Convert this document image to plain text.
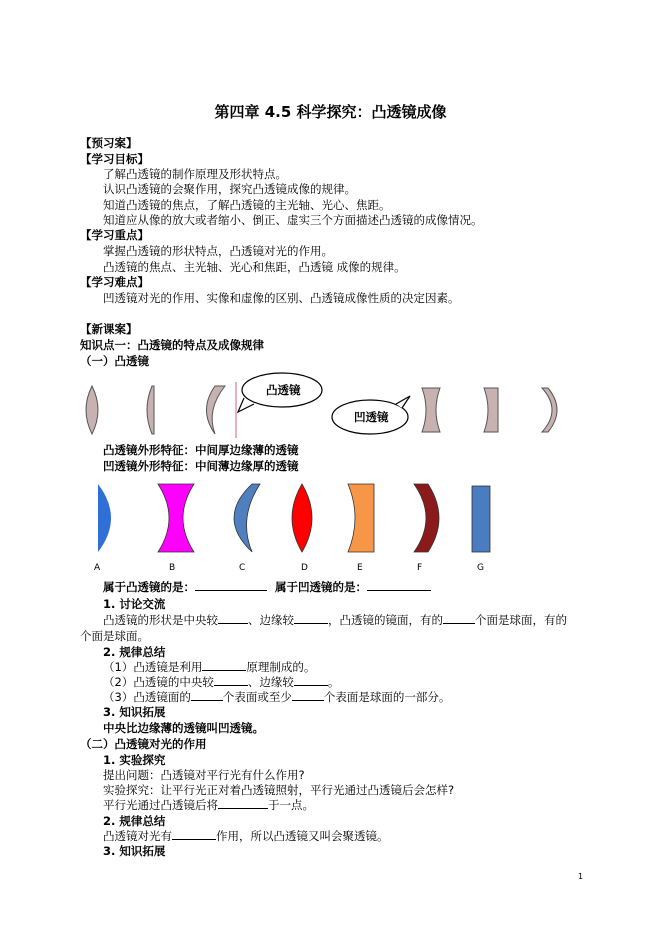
第四章 4.5 科学探究：凸透镜成像
【预习案】
【学习目标】
了解凸透镜的制作原理及形状特点。
认识凸透镜的会聚作用，探究凸透镜成像的规律。
知道凸透镜的焦点，了解凸透镜的主光轴、光心、焦距。
知道应从像的放大或者缩小、倒正、虚实三个方面描述凸透镜的成像情况。
【学习重点】
掌握凸透镜的形状特点，凸透镜对光的作用。
凸透镜的焦点、主光轴、光心和焦距，凸透镜 成像的规律。
【学习难点】
凹透镜对光的作用、实像和虚像的区别、凸透镜成像性质的决定因素。
【新课案】
知识点一：凸透镜的特点及成像规律
（一）凸透镜
凸透镜
凹透镜
凸透镜外形特征：中间厚边缘薄的透镜
凹透镜外形特征：中间薄边缘厚的透镜
A	B	C	D	E	F	G
属于凸透镜的是：	属于凹透镜的是：
1. 讨论交流
凸透镜的形状是中央较	、边缘较	，凸透镜的镜面，有的	个面是球面，有的
个面是球面。
2. 规律总结
（1）凸透镜是利用	原理制成的。
（2）凸透镜的中央较	、边缘较	。
（3）凸透镜面的	个表面或至少	个表面是球面的一部分。
3. 知识拓展
中央比边缘薄的透镜叫凹透镜。
（二）凸透镜对光的作用
1. 实验探究
提出问题：凸透镜对平行光有什么作用?
实验探究：让平行光正对着凸透镜照射，平行光通过凸透镜后会怎样?
平行光通过凸透镜后将	于一点。
2. 规律总结
凸透镜对光有	作用，所以凸透镜又叫会聚透镜。
3. 知识拓展
1
